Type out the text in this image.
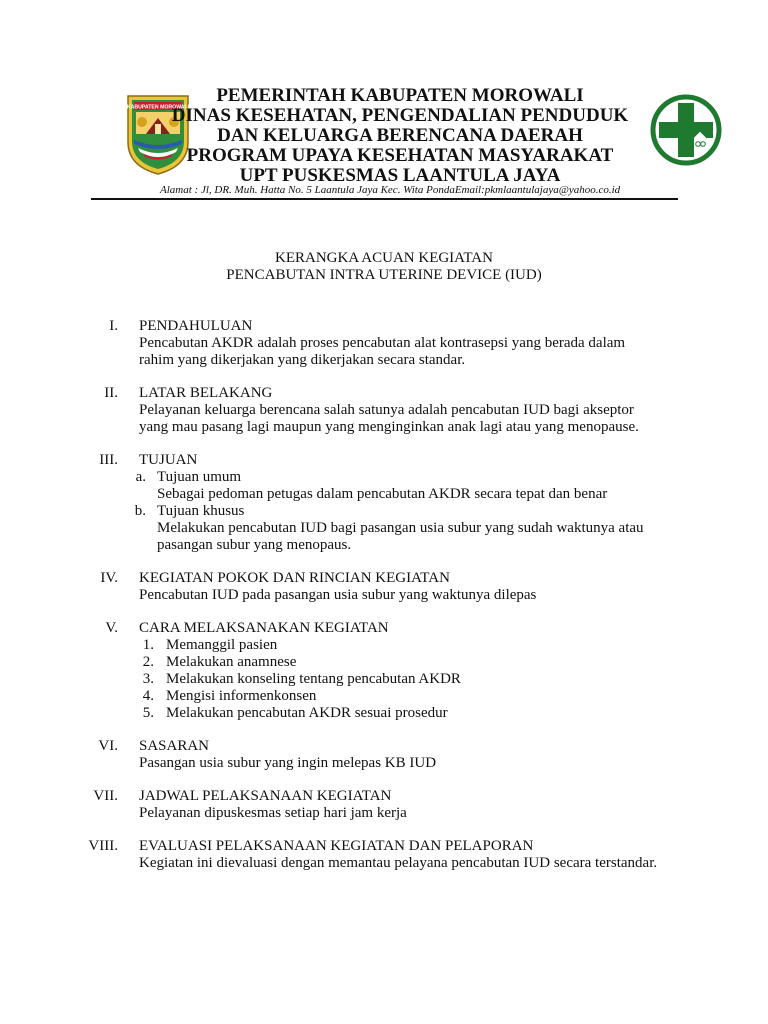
KABUPATEN MOROWALI
PEMERINTAH KABUPATEN MOROWALI
DINAS KESEHATAN, PENGENDALIAN PENDUDUK
DAN KELUARGA BERENCANA DAERAH
PROGRAM UPAYA KESEHATAN MASYARAKAT
UPT PUSKESMAS LAANTULA JAYA
Alamat : Jl, DR. Muh. Hatta No. 5 Laantula Jaya Kec. Wita PondaEmail:pkmlaantulajaya@yahoo.co.id
KERANGKA ACUAN KEGIATAN
PENCABUTAN INTRA UTERINE DEVICE (IUD)
I. PENDAHULUAN
Pencabutan AKDR adalah proses pencabutan alat kontrasepsi yang berada dalam
rahim yang dikerjakan yang dikerjakan secara standar.
II. LATAR BELAKANG
Pelayanan keluarga berencana salah satunya adalah pencabutan IUD bagi akseptor
yang mau pasang lagi maupun yang menginginkan anak lagi atau yang menopause.
III. TUJUAN
a. Tujuan umum
Sebagai pedoman petugas dalam pencabutan AKDR secara tepat dan benar
b. Tujuan khusus
Melakukan pencabutan IUD bagi pasangan usia subur yang sudah waktunya atau
pasangan subur yang menopaus.
IV. KEGIATAN POKOK DAN RINCIAN KEGIATAN
Pencabutan IUD pada pasangan usia subur yang waktunya dilepas
V. CARA MELAKSANAKAN KEGIATAN
1. Memanggil pasien
2. Melakukan anamnese
3. Melakukan konseling tentang pencabutan AKDR
4. Mengisi informenkonsen
5. Melakukan pencabutan AKDR sesuai prosedur
VI. SASARAN
Pasangan usia subur yang ingin melepas KB IUD
VII. JADWAL PELAKSANAAN KEGIATAN
Pelayanan dipuskesmas setiap hari jam kerja
VIII. EVALUASI PELAKSANAAN KEGIATAN DAN PELAPORAN
Kegiatan ini dievaluasi dengan memantau pelayana pencabutan IUD secara terstandar.
